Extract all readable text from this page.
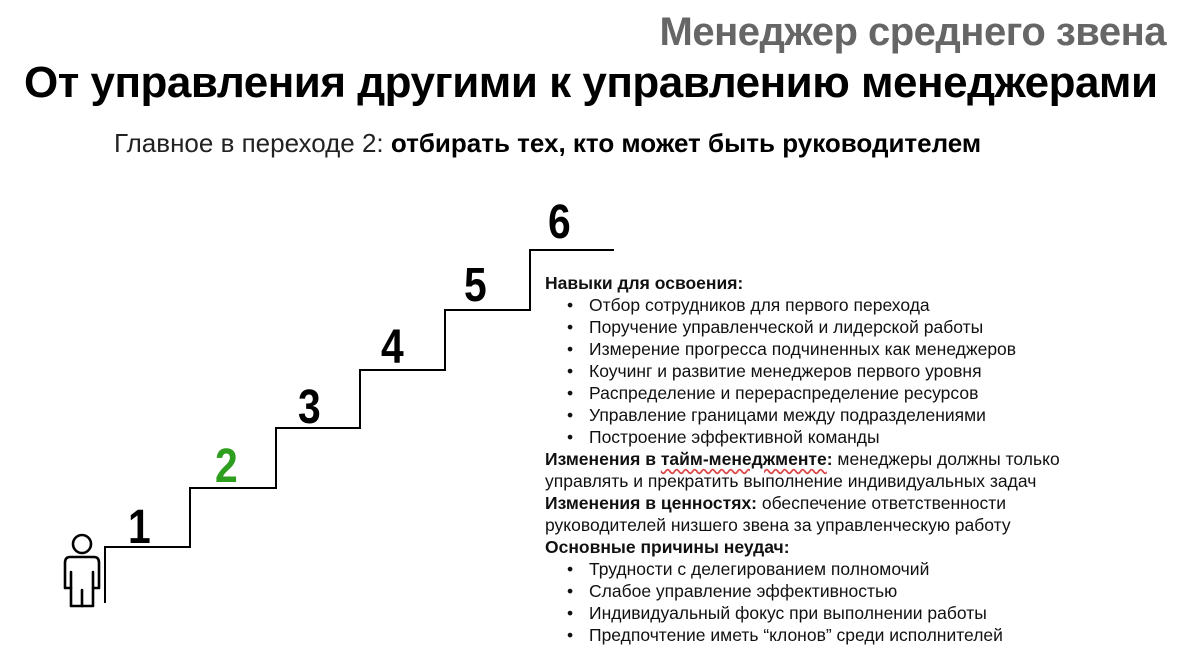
Менеджер среднего звена
От управления другими к управлению менеджерами
Главное в переходе 2: отбирать тех, кто может быть руководителем
1
2
3
4
5
6
Навыки для освоения:
• Отбор сотрудников для первого перехода
• Поручение управленческой и лидерской работы
• Измерение прогресса подчиненных как менеджеров
• Коучинг и развитие менеджеров первого уровня
• Распределение и перераспределение ресурсов
• Управление границами между подразделениями
• Построение эффективной команды
Изменения в тайм-менеджменте: менеджеры должны только
управлять и прекратить выполнение индивидуальных задач
Изменения в ценностях: обеспечение ответственности
руководителей низшего звена за управленческую работу
Основные причины неудач:
• Трудности с делегированием полномочий
• Слабое управление эффективностью
• Индивидуальный фокус при выполнении работы
• Предпочтение иметь “клонов” среди исполнителей
